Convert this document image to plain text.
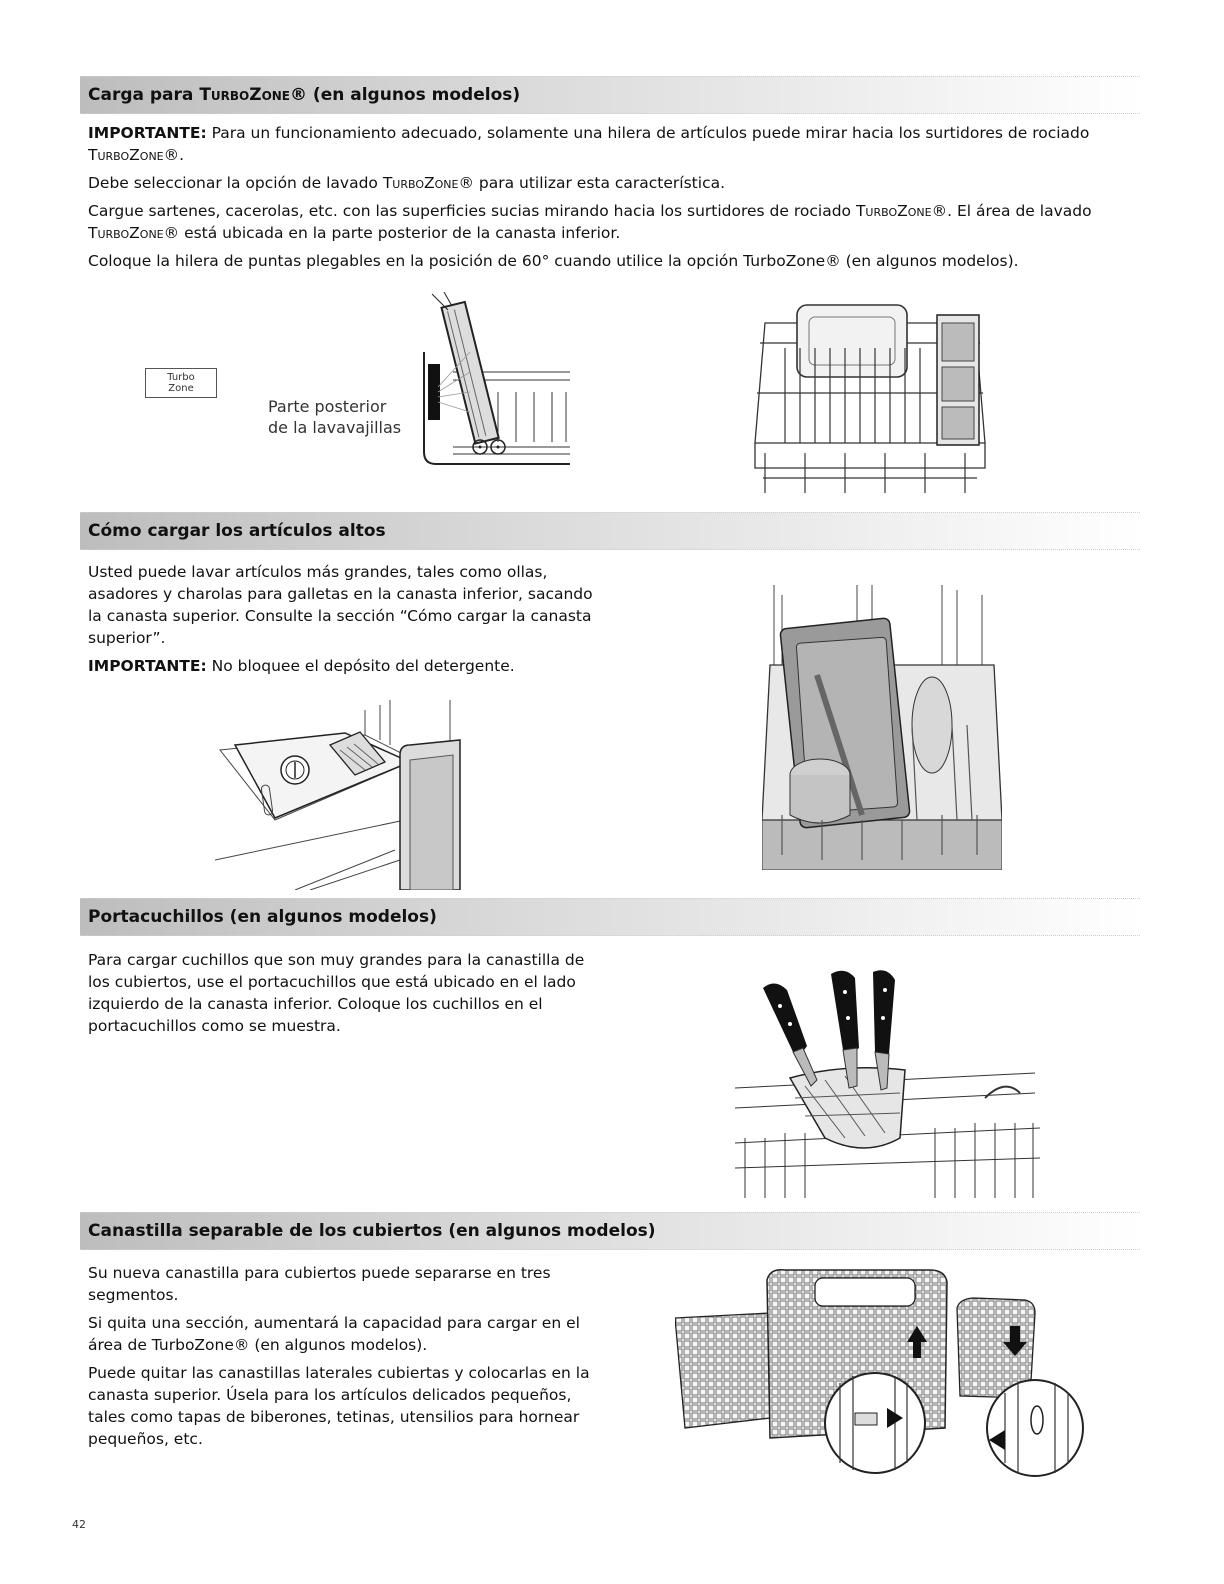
Carga para TurboZone® (en algunos modelos)

IMPORTANTE: Para un funcionamiento adecuado, solamente una hilera de artículos puede mirar hacia los surtidores de rociado TurboZone®.

Debe seleccionar la opción de lavado TurboZone® para utilizar esta característica.

Cargue sartenes, cacerolas, etc. con las superficies sucias mirando hacia los surtidores de rociado TurboZone®. El área de lavado TurboZone® está ubicada en la parte posterior de la canasta inferior.

Coloque la hilera de puntas plegables en la posición de 60° cuando utilice la opción TurboZone® (en algunos modelos).

Turbo
Zone
Parte posterior
de la lavavajillas
Cómo cargar los artículos altos

Usted puede lavar artículos más grandes, tales como ollas, asadores y charolas para galletas en la canasta inferior, sacando la canasta superior. Consulte la sección “Cómo cargar la canasta superior”.

IMPORTANTE: No bloquee el depósito del detergente.

Portacuchillos (en algunos modelos)

Para cargar cuchillos que son muy grandes para la canastilla de los cubiertos, use el portacuchillos que está ubicado en el lado izquierdo de la canasta inferior. Coloque los cuchillos en el portacuchillos como se muestra.

Canastilla separable de los cubiertos (en algunos modelos)

Su nueva canastilla para cubiertos puede separarse en tres segmentos.

Si quita una sección, aumentará la capacidad para cargar en el área de TurboZone® (en algunos modelos).

Puede quitar las canastillas laterales cubiertas y colocarlas en la canasta superior. Úsela para los artículos delicados pequeños, tales como tapas de biberones, tetinas, utensilios para hornear pequeños, etc.

42
